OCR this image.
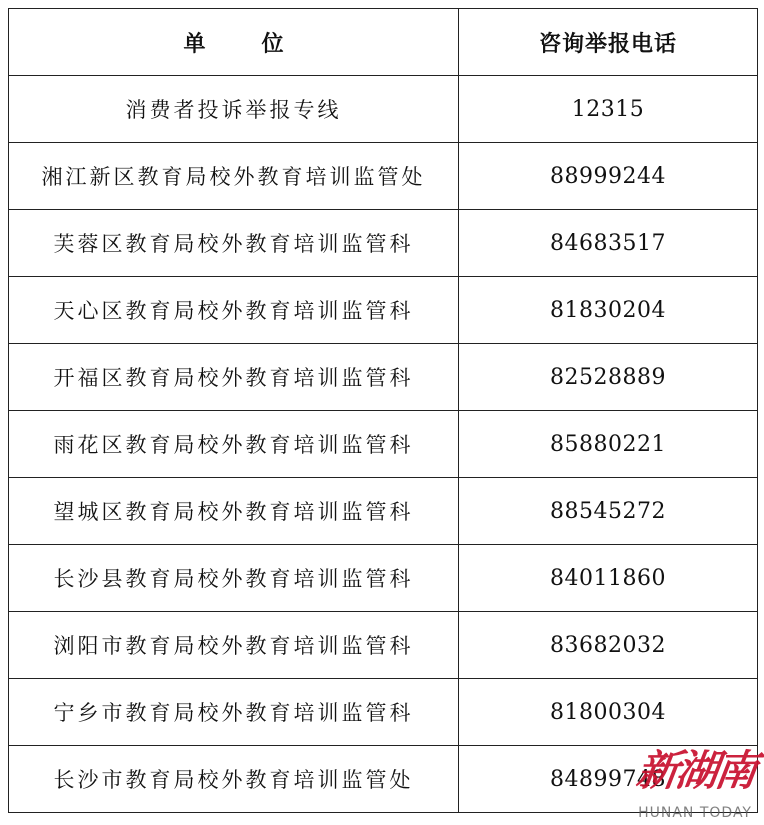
单 位	咨询举报电话
消费者投诉举报专线	12315
湘江新区教育局校外教育培训监管处	88999244
芙蓉区教育局校外教育培训监管科	84683517
天心区教育局校外教育培训监管科	81830204
开福区教育局校外教育培训监管科	82528889
雨花区教育局校外教育培训监管科	85880221
望城区教育局校外教育培训监管科	88545272
长沙县教育局校外教育培训监管科	84011860
浏阳市教育局校外教育培训监管科	83682032
宁乡市教育局校外教育培训监管科	81800304
长沙市教育局校外教育培训监管处	84899748
新湖南
HUNAN TODAY
